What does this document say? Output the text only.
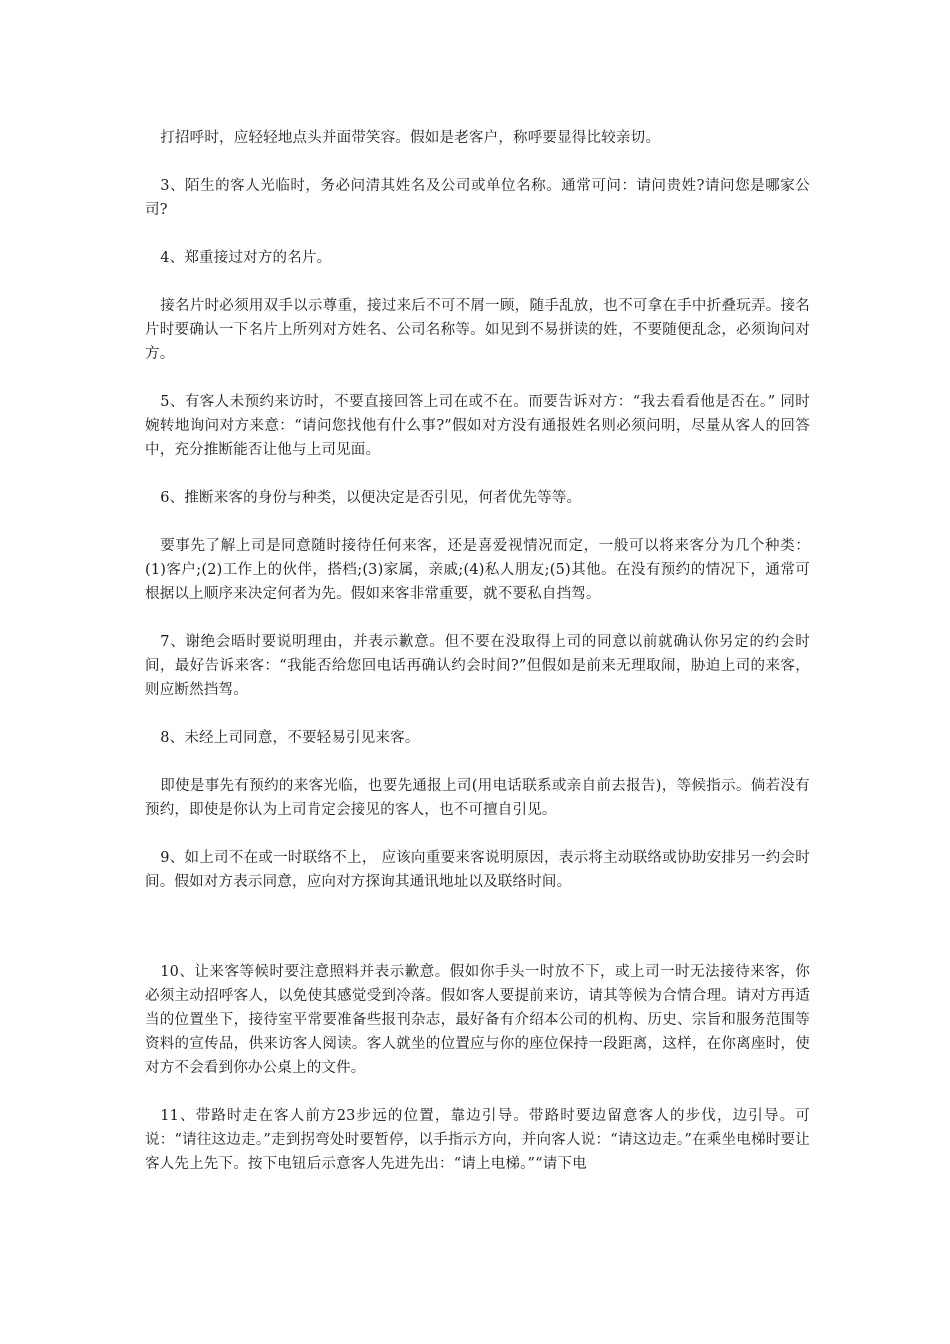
打招呼时，应轻轻地点头并面带笑容。假如是老客户，称呼要显得比较亲切。

3、陌生的客人光临时，务必问清其姓名及公司或单位名称。通常可问：请问贵姓?请问您是哪家公司?

4、郑重接过对方的名片。

接名片时必须用双手以示尊重，接过来后不可不屑一顾，随手乱放，也不可拿在手中折叠玩弄。接名片时要确认一下名片上所列对方姓名、公司名称等。如见到不易拼读的姓，不要随便乱念，必须询问对方。

5、有客人未预约来访时，不要直接回答上司在或不在。而要告诉对方：“我去看看他是否在。” 同时婉转地询问对方来意：“请问您找他有什么事?”假如对方没有通报姓名则必须问明，尽量从客人的回答中，充分推断能否让他与上司见面。

6、推断来客的身份与种类，以便决定是否引见，何者优先等等。

要事先了解上司是同意随时接待任何来客，还是喜爱视情况而定，一般可以将来客分为几个种类：(1)客户;(2)工作上的伙伴，搭档;(3)家属，亲戚;(4)私人朋友;(5)其他。在没有预约的情况下，通常可根据以上顺序来决定何者为先。假如来客非常重要，就不要私自挡驾。

7、谢绝会晤时要说明理由，并表示歉意。但不要在没取得上司的同意以前就确认你另定的约会时间，最好告诉来客：“我能否给您回电话再确认约会时间?”但假如是前来无理取闹，胁迫上司的来客，则应断然挡驾。

8、未经上司同意，不要轻易引见来客。

即使是事先有预约的来客光临，也要先通报上司(用电话联系或亲自前去报告)，等候指示。倘若没有预约，即使是你认为上司肯定会接见的客人，也不可擅自引见。

9、如上司不在或一时联络不上， 应该向重要来客说明原因，表示将主动联络或协助安排另一约会时间。假如对方表示同意，应向对方探询其通讯地址以及联络时间。

10、让来客等候时要注意照料并表示歉意。假如你手头一时放不下，或上司一时无法接待来客，你必须主动招呼客人，以免使其感觉受到冷落。假如客人要提前来访，请其等候为合情合理。请对方再适当的位置坐下，接待室平常要准备些报刊杂志，最好备有介绍本公司的机构、历史、宗旨和服务范围等资料的宣传品，供来访客人阅读。客人就坐的位置应与你的座位保持一段距离，这样，在你离座时，使对方不会看到你办公桌上的文件。

11、带路时走在客人前方23步远的位置，靠边引导。带路时要边留意客人的步伐，边引导。可说：“请往这边走。”走到拐弯处时要暂停，以手指示方向，并向客人说：“请这边走。”在乘坐电梯时要让客人先上先下。按下电钮后示意客人先进先出：“请上电梯。”“请下电
